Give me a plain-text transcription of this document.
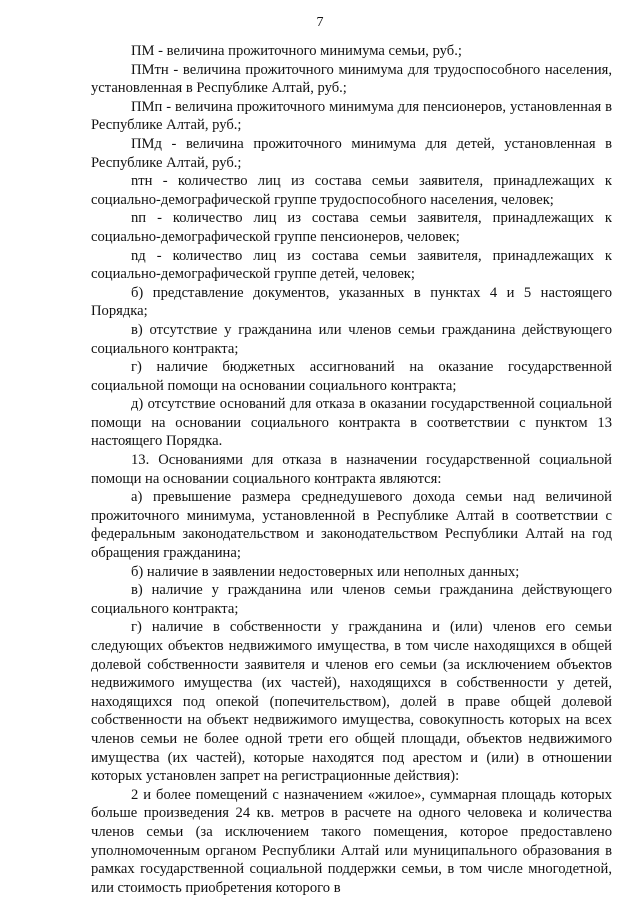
7

ПМ - величина прожиточного минимума семьи, руб.;

ПМтн - величина прожиточного минимума для трудоспособного населения, установленная в Республике Алтай, руб.;

ПМп - величина прожиточного минимума для пенсионеров, установленная в Республике Алтай, руб.;

ПМд - величина прожиточного минимума для детей, установленная в Республике Алтай, руб.;

nтн - количество лиц из состава семьи заявителя, принадлежащих к социально-демографической группе трудоспособного населения, человек;

nп - количество лиц из состава семьи заявителя, принадлежащих к социально-демографической группе пенсионеров, человек;

nд - количество лиц из состава семьи заявителя, принадлежащих к социально-демографической группе детей, человек;

б) представление документов, указанных в пунктах 4 и 5 настоящего Порядка;

в) отсутствие у гражданина или членов семьи гражданина действующего социального контракта;

г) наличие бюджетных ассигнований на оказание государственной социальной помощи на основании социального контракта;

д) отсутствие оснований для отказа в оказании государственной социальной помощи на основании социального контракта в соответствии с пунктом 13 настоящего Порядка.

13. Основаниями для отказа в назначении государственной социальной помощи на основании социального контракта являются:

а) превышение размера среднедушевого дохода семьи над величиной прожиточного минимума, установленной в Республике Алтай в соответствии с федеральным законодательством и законодательством Республики Алтай на год обращения гражданина;

б) наличие в заявлении недостоверных или неполных данных;

в) наличие у гражданина или членов семьи гражданина действующего социального контракта;

г) наличие в собственности у гражданина и (или) членов его семьи следующих объектов недвижимого имущества, в том числе находящихся в общей долевой собственности заявителя и членов его семьи (за исключением объектов недвижимого имущества (их частей), находящихся в собственности у детей, находящихся под опекой (попечительством), долей в праве общей долевой собственности на объект недвижимого имущества, совокупность которых на всех членов семьи не более одной трети его общей площади, объектов недвижимого имущества (их частей), которые находятся под арестом и (или) в отношении которых установлен запрет на регистрационные действия):

2 и более помещений с назначением «жилое», суммарная площадь которых больше произведения 24 кв. метров в расчете на одного человека и количества членов семьи (за исключением такого помещения, которое предоставлено уполномоченным органом Республики Алтай или муниципального образования в рамках государственной социальной поддержки семьи, в том числе многодетной, или стоимость приобретения которого в
